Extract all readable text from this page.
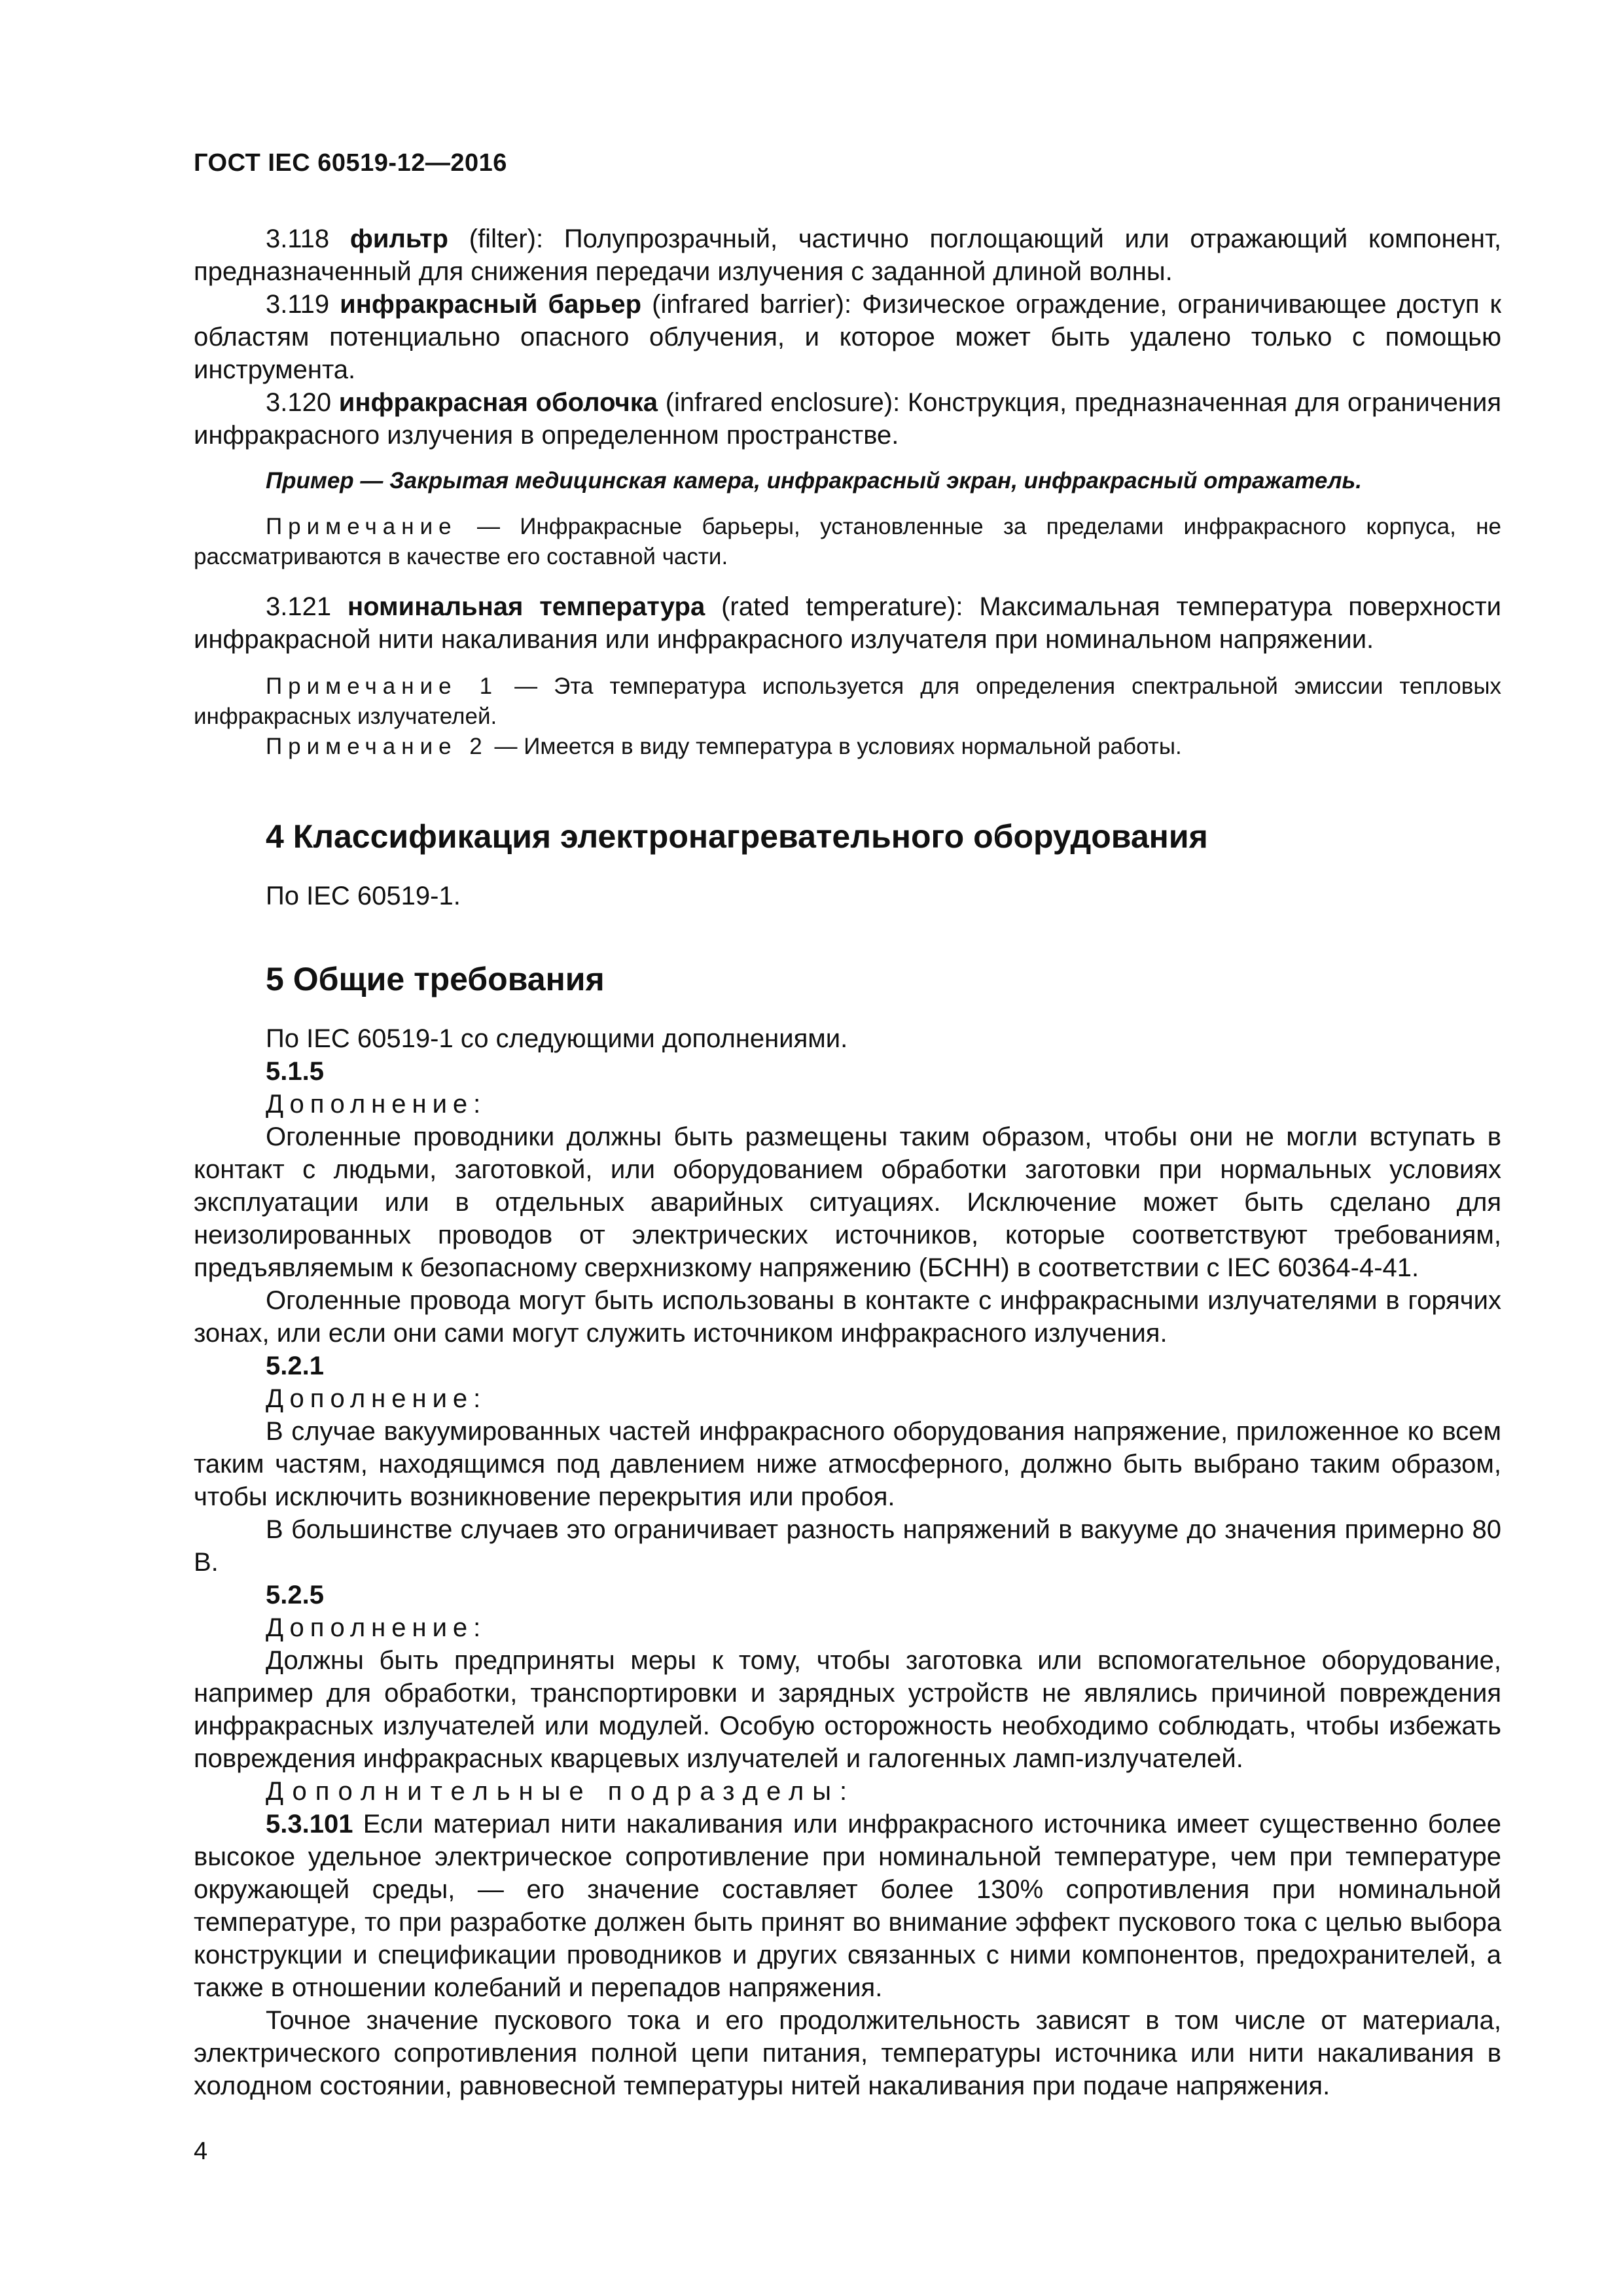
ГОСТ IEC 60519-12—2016

3.118 фильтр (filter): Полупрозрачный, частично поглощающий или отражающий компонент, предназначенный для снижения передачи излучения с заданной длиной волны.

3.119 инфракрасный барьер (infrared barrier): Физическое ограждение, ограничивающее доступ к областям потенциально опасного облучения, и которое может быть удалено только с помощью инструмента.

3.120 инфракрасная оболочка (infrared enclosure): Конструкция, предназначенная для ограничения инфракрасного излучения в определенном пространстве.

Пример — Закрытая медицинская камера, инфракрасный экран, инфракрасный отражатель.

Примечание — Инфракрасные барьеры, установленные за пределами инфракрасного корпуса, не рассматриваются в качестве его составной части.

3.121 номинальная температура (rated temperature): Максимальная температура поверхности инфракрасной нити накаливания или инфракрасного излучателя при номинальном напряжении.

Примечание 1 — Эта температура используется для определения спектральной эмиссии тепловых инфракрасных излучателей.

Примечание 2 — Имеется в виду температура в условиях нормальной работы.

4 Классификация электронагревательного оборудования

По IEC 60519-1.

5 Общие требования

По IEC 60519-1 со следующими дополнениями.

5.1.5

Дополнение:

Оголенные проводники должны быть размещены таким образом, чтобы они не могли вступать в контакт с людьми, заготовкой, или оборудованием обработки заготовки при нормальных условиях эксплуатации или в отдельных аварийных ситуациях. Исключение может быть сделано для неизолированных проводов от электрических источников, которые соответствуют требованиям, предъявляемым к безопасному сверхнизкому напряжению (БСНН) в соответствии с IEC 60364-4-41.

Оголенные провода могут быть использованы в контакте с инфракрасными излучателями в горячих зонах, или если они сами могут служить источником инфракрасного излучения.

5.2.1

Дополнение:

В случае вакуумированных частей инфракрасного оборудования напряжение, приложенное ко всем таким частям, находящимся под давлением ниже атмосферного, должно быть выбрано таким образом, чтобы исключить возникновение перекрытия или пробоя.

В большинстве случаев это ограничивает разность напряжений в вакууме до значения примерно 80 В.

5.2.5

Дополнение:

Должны быть предприняты меры к тому, чтобы заготовка или вспомогательное оборудование, например для обработки, транспортировки и зарядных устройств не являлись причиной повреждения инфракрасных излучателей или модулей. Особую осторожность необходимо соблюдать, чтобы избежать повреждения инфракрасных кварцевых излучателей и галогенных ламп-излучателей.

Дополнительные подразделы:

5.3.101 Если материал нити накаливания или инфракрасного источника имеет существенно более высокое удельное электрическое сопротивление при номинальной температуре, чем при температуре окружающей среды, — его значение составляет более 130% сопротивления при номинальной температуре, то при разработке должен быть принят во внимание эффект пускового тока с целью выбора конструкции и спецификации проводников и других связанных с ними компонентов, предохранителей, а также в отношении колебаний и перепадов напряжения.

Точное значение пускового тока и его продолжительность зависят в том числе от материала, электрического сопротивления полной цепи питания, температуры источника или нити накаливания в холодном состоянии, равновесной температуры нитей накаливания при подаче напряжения.

4
